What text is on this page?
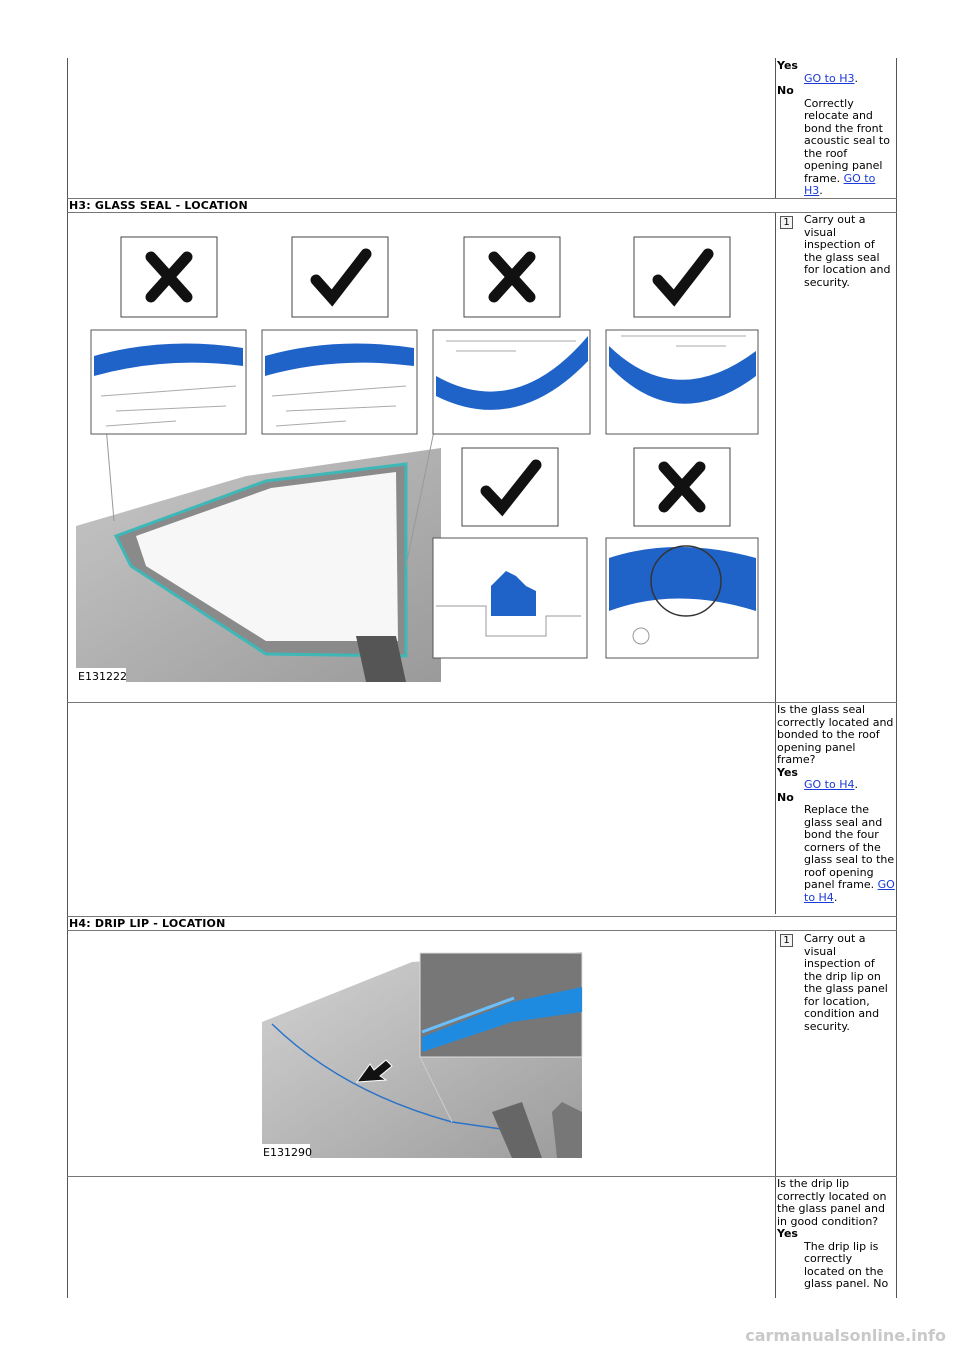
Yes
GO to H3.
No
Correctly relocate and bond the front acoustic seal to the roof opening panel frame. GO to H3.
H3: GLASS SEAL - LOCATION
1	Carry out a visual inspection of the glass seal for location and security.
E131222
Is the glass seal correctly located and bonded to the roof opening panel frame?
Yes
GO to H4.
No
Replace the glass seal and bond the four corners of the glass seal to the roof opening panel frame. GO to H4.
H4: DRIP LIP - LOCATION
1	Carry out a visual inspection of the drip lip on the glass panel for location, condition and security.
E131290
Is the drip lip correctly located on the glass panel and in good condition?
Yes
The drip lip is correctly located on the glass panel. No
carmanualsonline.info
